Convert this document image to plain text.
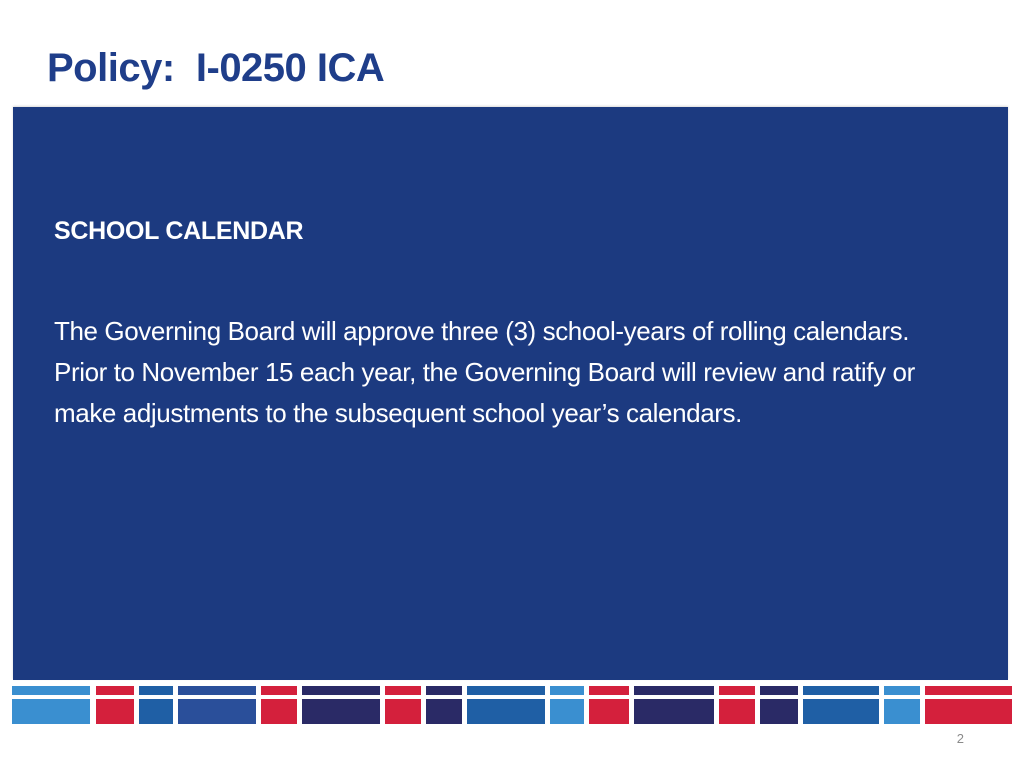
Policy:  I-0250 ICA
SCHOOL CALENDAR

The Governing Board will approve three (3) school-years of rolling calendars. Prior to November 15 each year, the Governing Board will review and ratify or make adjustments to the subsequent school year’s calendars.

2
